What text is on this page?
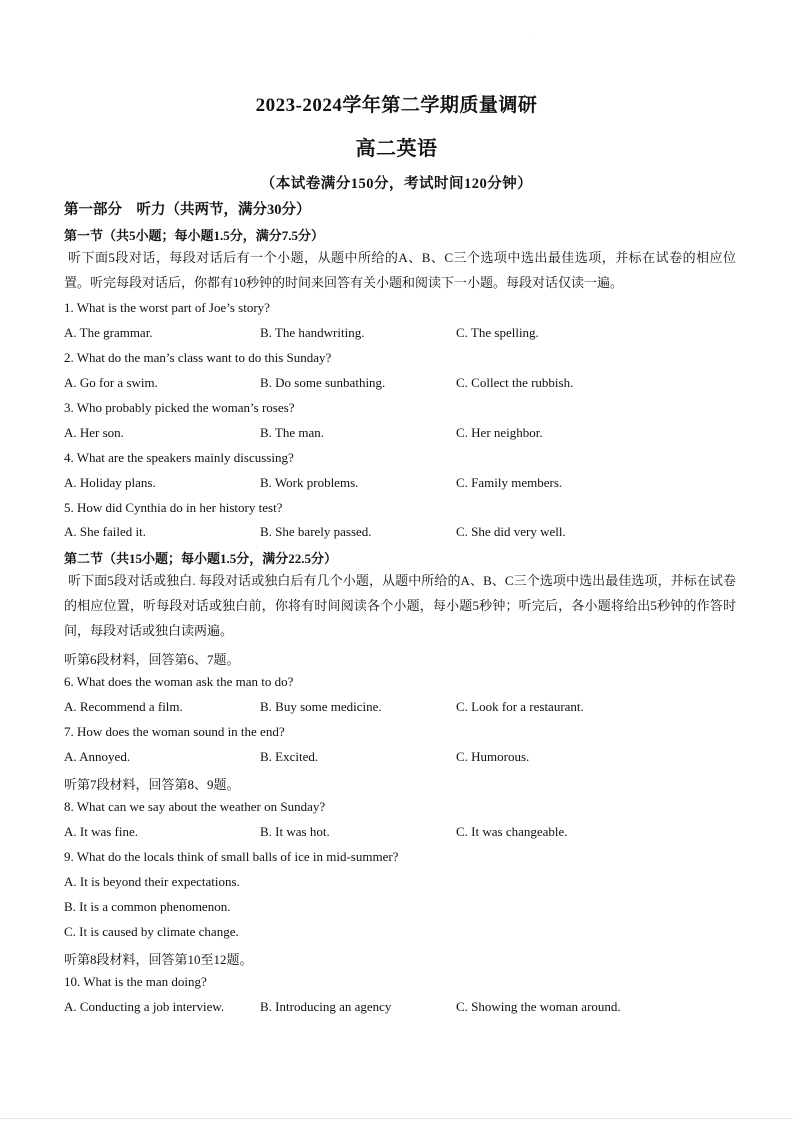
·
2023-2024学年第二学期质量调研
高二英语
（本试卷满分150分，考试时间120分钟）
第一部分　听力（共两节，满分30分）
第一节（共5小题；每小题1.5分，满分7.5分）
听下面5段对话，每段对话后有一个小题，从题中所给的A、B、C三个选项中选出最佳选项，并标在试卷的相应位置。听完每段对话后，你都有10秒钟的时间来回答有关小题和阅读下一小题。每段对话仅读一遍。
1. What is the worst part of Joe’s story?
A. The grammar.	B. The handwriting.	C. The spelling.
2. What do the man’s class want to do this Sunday?
A. Go for a swim.	B. Do some sunbathing.	C. Collect the rubbish.
3. Who probably picked the woman’s roses?
A. Her son.	B. The man.	C. Her neighbor.
4. What are the speakers mainly discussing?
A. Holiday plans.	B. Work problems.	C. Family members.
5. How did Cynthia do in her history test?
A. She failed it.	B. She barely passed.	C. She did very well.
第二节（共15小题；每小题1.5分，满分22.5分）
听下面5段对话或独白. 每段对话或独白后有几个小题，从题中所给的A、B、C三个选项中选出最佳选项，并标在试卷的相应位置，听每段对话或独白前，你将有时间阅读各个小题，每小题5秒钟；听完后，各小题将给出5秒钟的作答时间，每段对话或独白读两遍。
听第6段材料，回答第6、7题。
6. What does the woman ask the man to do?
A. Recommend a film.	B. Buy some medicine.	C. Look for a restaurant.
7. How does the woman sound in the end?
A. Annoyed.	B. Excited.	C. Humorous.
听第7段材料，回答第8、9题。
8. What can we say about the weather on Sunday?
A. It was fine.	B. It was hot.	C. It was changeable.
9. What do the locals think of small balls of ice in mid-summer?
A. It is beyond their expectations.
B. It is a common phenomenon.
C. It is caused by climate change.
听第8段材料，回答第10至12题。
10. What is the man doing?
A. Conducting a job interview.	B. Introducing an agency	C. Showing the woman around.
